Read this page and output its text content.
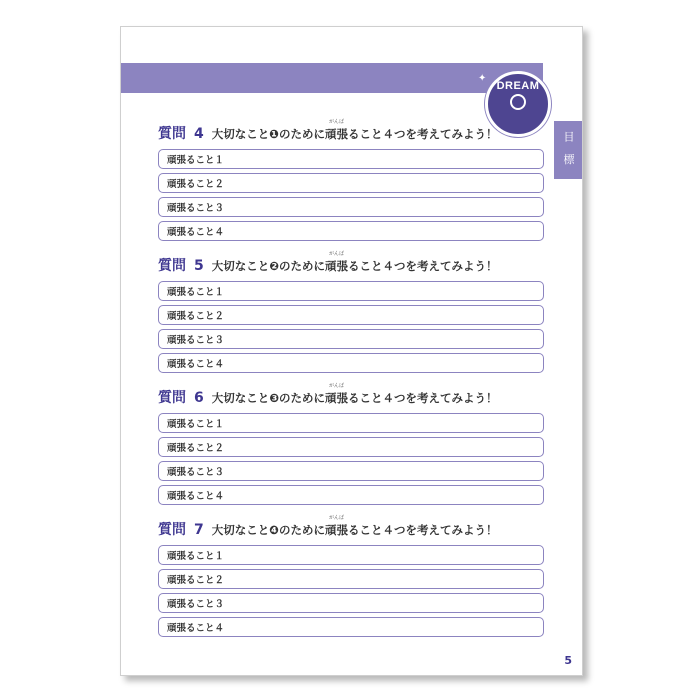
DREAM
✦
✦
目 標
質問 4 大切なこと❶のために
がんば
頑張ること４つを考えてみよう！
頑張ること１
頑張ること２
頑張ること３
頑張ること４
質問 5 大切なこと❷のために
がんば
頑張ること４つを考えてみよう！
頑張ること１
頑張ること２
頑張ること３
頑張ること４
質問 6 大切なこと❸のために
がんば
頑張ること４つを考えてみよう！
頑張ること１
頑張ること２
頑張ること３
頑張ること４
質問 7 大切なこと❹のために
がんば
頑張ること４つを考えてみよう！
頑張ること１
頑張ること２
頑張ること３
頑張ること４
5
